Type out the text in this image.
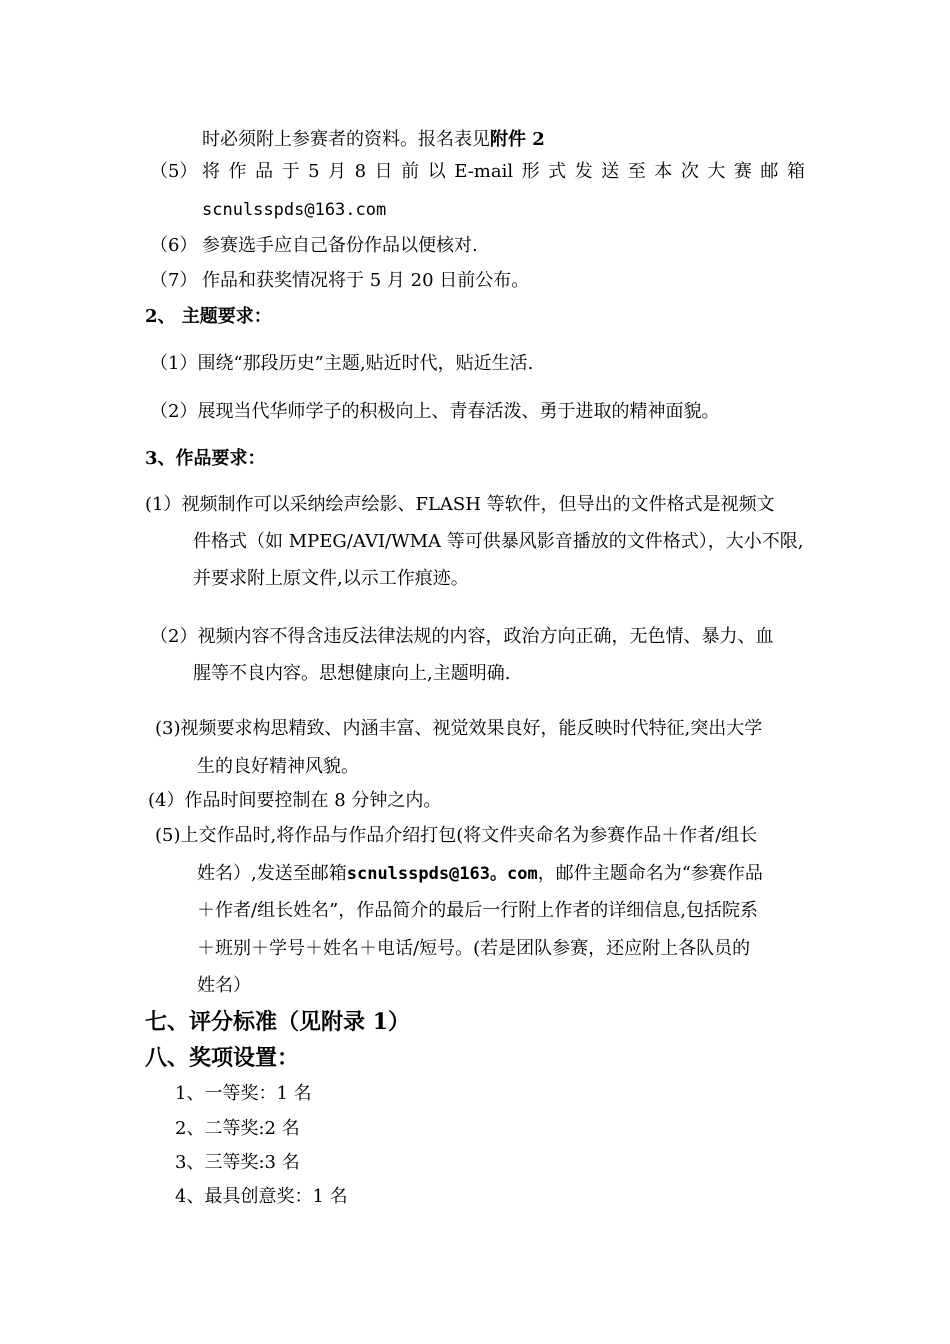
时必须附上参赛者的资料。报名表见附件 2
（5） 将 作 品 于 5 月 8 日 前 以 E-mail 形 式 发 送 至 本 次 大 赛 邮 箱
scnulsspds@163.com
（6） 参赛选手应自己备份作品以便核对.
（7） 作品和获奖情况将于 5 月 20 日前公布。
2、 主题要求：
（1）围绕“那段历史”主题,贴近时代，贴近生活.
（2）展现当代华师学子的积极向上、青春活泼、勇于进取的精神面貌。
3、作品要求：
(1）视频制作可以采纳绘声绘影、FLASH 等软件，但导出的文件格式是视频文
件格式（如 MPEG/AVI/WMA 等可供暴风影音播放的文件格式），大小不限,
并要求附上原文件,以示工作痕迹。
（2）视频内容不得含违反法律法规的内容，政治方向正确，无色情、暴力、血
腥等不良内容。思想健康向上,主题明确.
(3)视频要求构思精致、内涵丰富、视觉效果良好，能反映时代特征,突出大学
生的良好精神风貌。
(4）作品时间要控制在 8 分钟之内。
(5)上交作品时,将作品与作品介绍打包(将文件夹命名为参赛作品＋作者/组长
姓名）,发送至邮箱scnulsspds@163。com，邮件主题命名为“参赛作品
＋作者/组长姓名”，作品简介的最后一行附上作者的详细信息,包括院系
＋班别＋学号＋姓名＋电话/短号。(若是团队参赛，还应附上各队员的
姓名）
七、评分标准（见附录 1）
八、奖项设置：
1、一等奖：1 名
2、二等奖:2 名
3、三等奖:3 名
4、最具创意奖：1 名
